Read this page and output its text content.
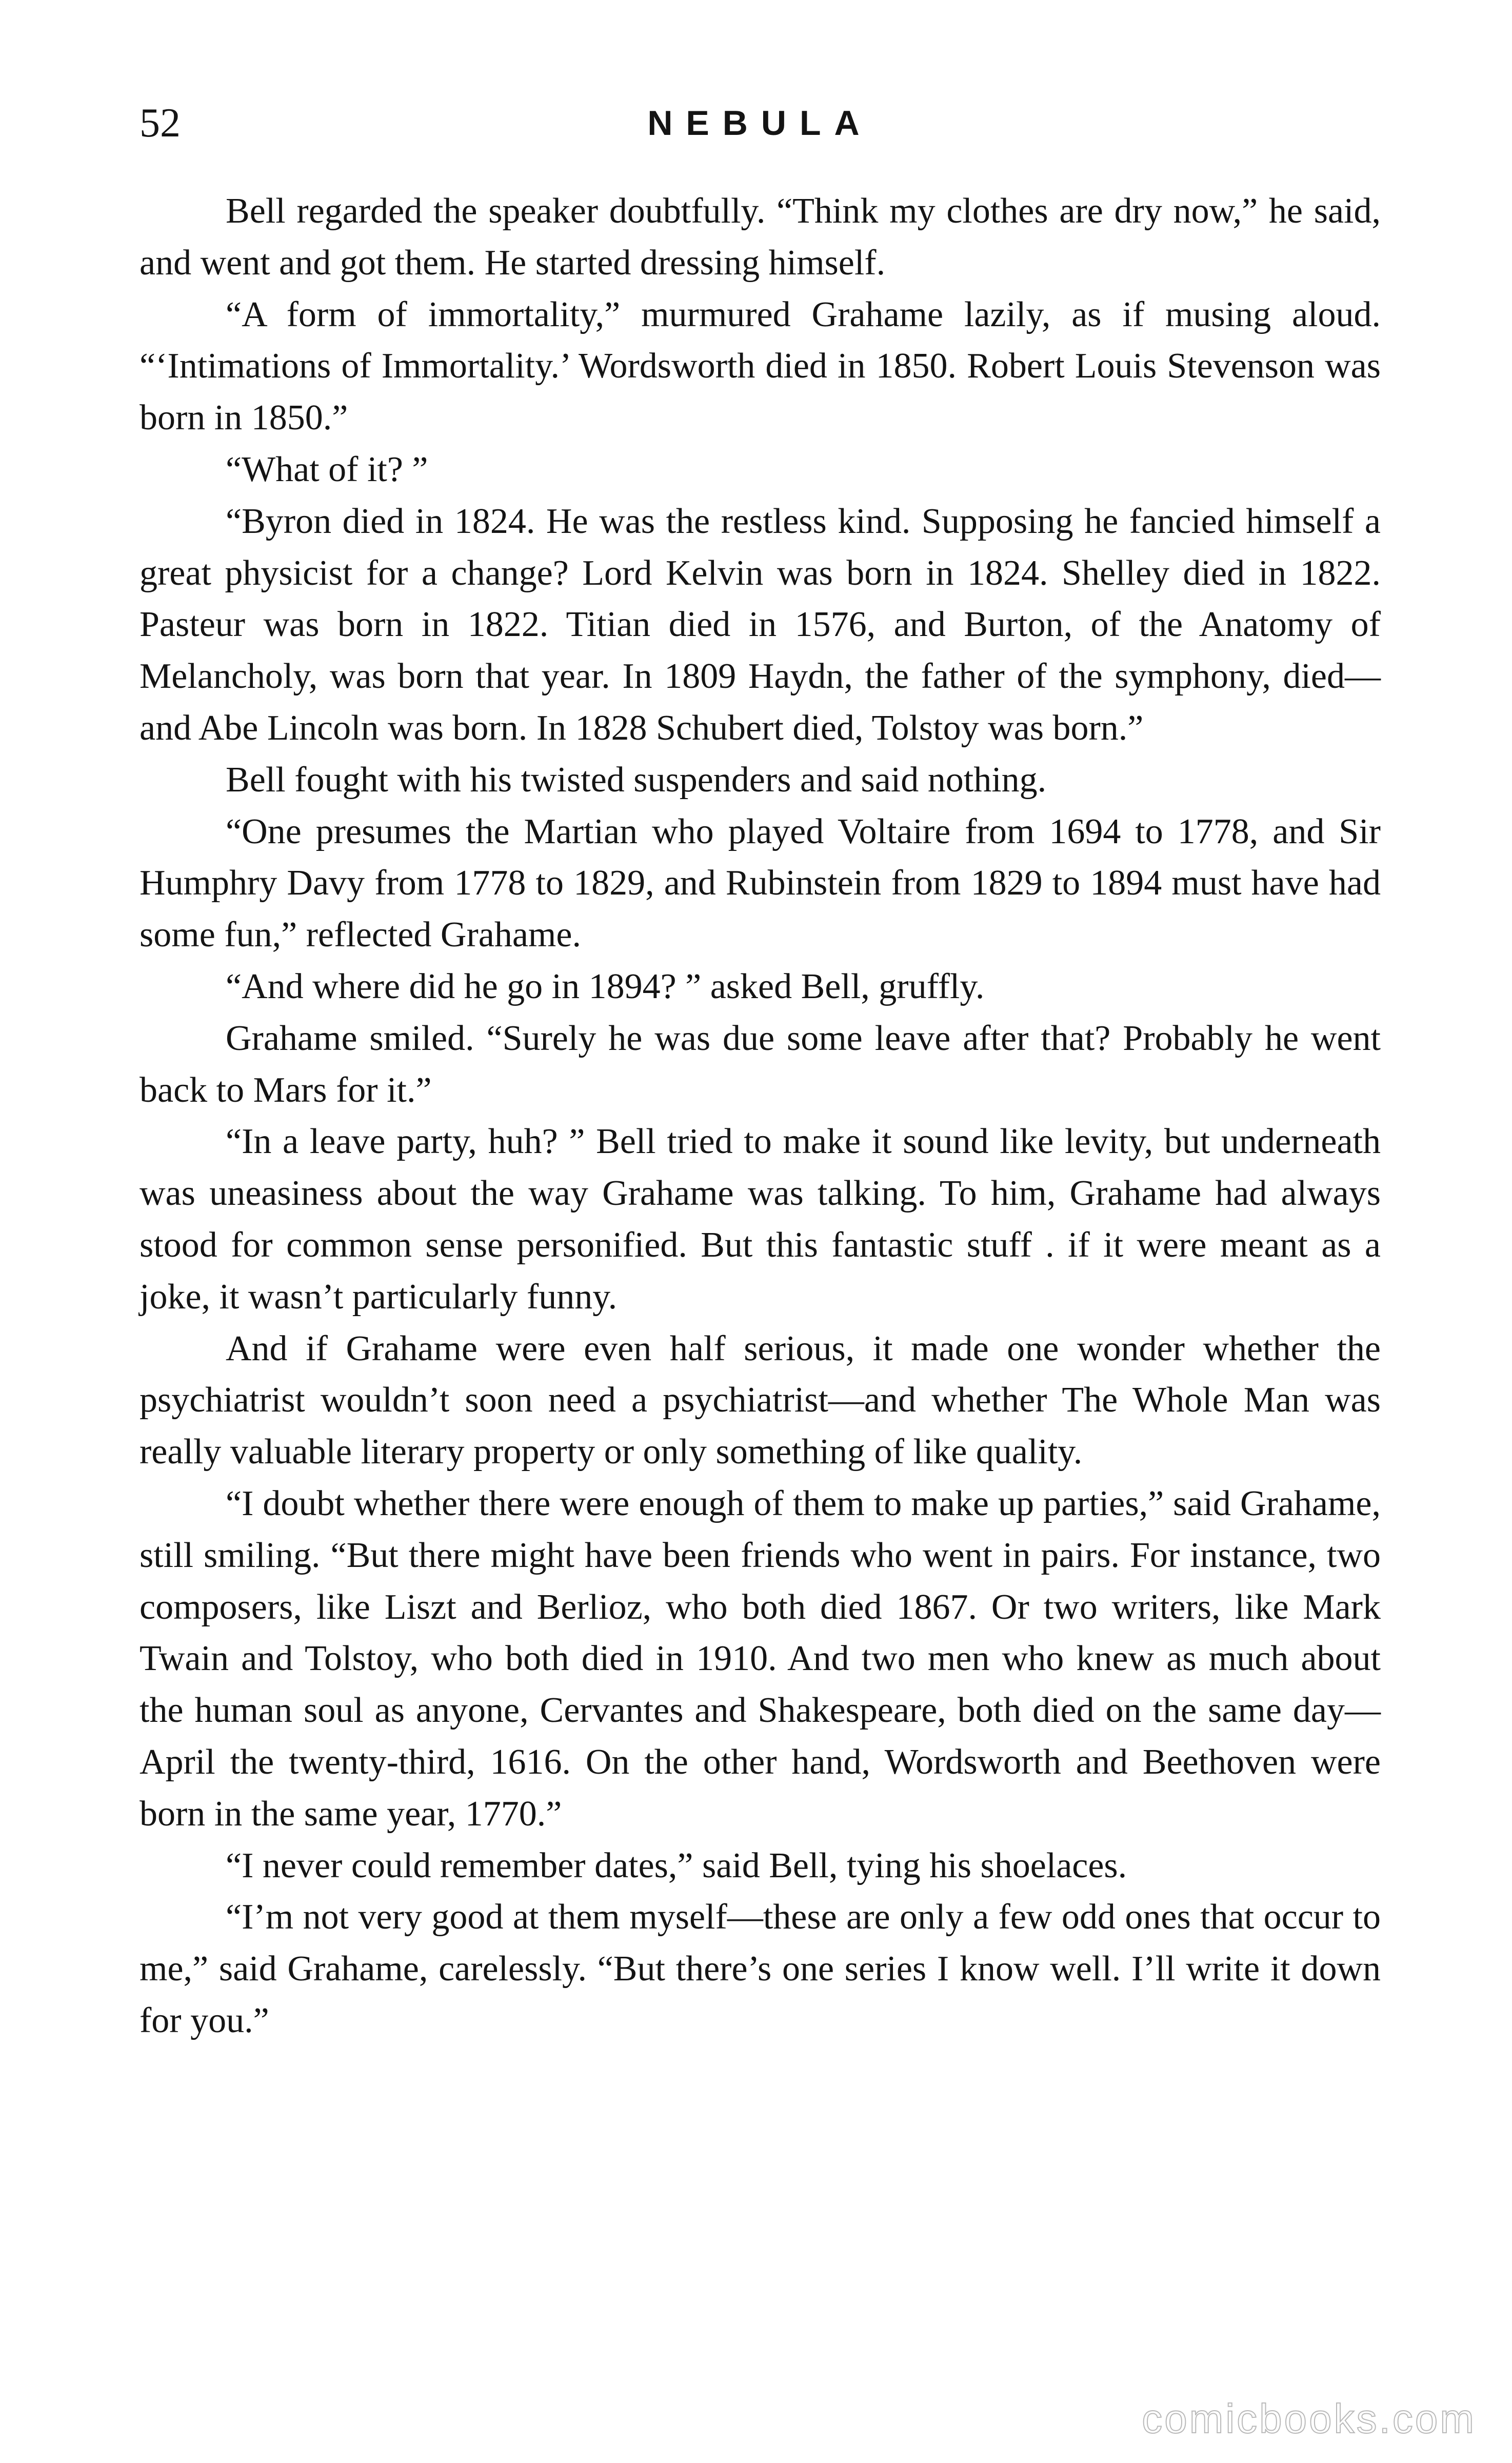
52	NEBULA

Bell regarded the speaker doubtfully. “Think my clothes are dry now,” he said, and went and got them. He started dressing himself.

“A form of immortality,” murmured Grahame lazily, as if musing aloud. “‘Intimations of Immortality.’ Wordsworth died in 1850. Robert Louis Stevenson was born in 1850.”

“What of it? ”

“Byron died in 1824. He was the restless kind. Supposing he fancied himself a great physicist for a change? Lord Kelvin was born in 1824. Shelley died in 1822. Pasteur was born in 1822. Titian died in 1576, and Burton, of the Anatomy of Melancholy, was born that year. In 1809 Haydn, the father of the symphony, died—and Abe Lincoln was born. In 1828 Schubert died, Tolstoy was born.”

Bell fought with his twisted suspenders and said nothing.

“One presumes the Martian who played Voltaire from 1694 to 1778, and Sir Humphry Davy from 1778 to 1829, and Rubinstein from 1829 to 1894 must have had some fun,” reflected Grahame.

“And where did he go in 1894? ” asked Bell, gruffly.

Grahame smiled. “Surely he was due some leave after that? Probably he went back to Mars for it.”

“In a leave party, huh? ” Bell tried to make it sound like levity, but underneath was uneasiness about the way Grahame was talking. To him, Grahame had always stood for common sense personified. But this fantastic stuff . if it were meant as a joke, it wasn’t particularly funny.

And if Grahame were even half serious, it made one wonder whether the psychiatrist wouldn’t soon need a psychiatrist—and whether The Whole Man was really valuable literary property or only something of like quality.

“I doubt whether there were enough of them to make up parties,” said Grahame, still smiling. “But there might have been friends who went in pairs. For instance, two composers, like Liszt and Berlioz, who both died 1867. Or two writers, like Mark Twain and Tolstoy, who both died in 1910. And two men who knew as much about the human soul as anyone, Cervantes and Shakespeare, both died on the same day—April the twenty-third, 1616. On the other hand, Wordsworth and Beethoven were born in the same year, 1770.”

“I never could remember dates,” said Bell, tying his shoelaces.

“I’m not very good at them myself—these are only a few odd ones that occur to me,” said Grahame, carelessly. “But there’s one series I know well. I’ll write it down for you.”

comicbooks.com
